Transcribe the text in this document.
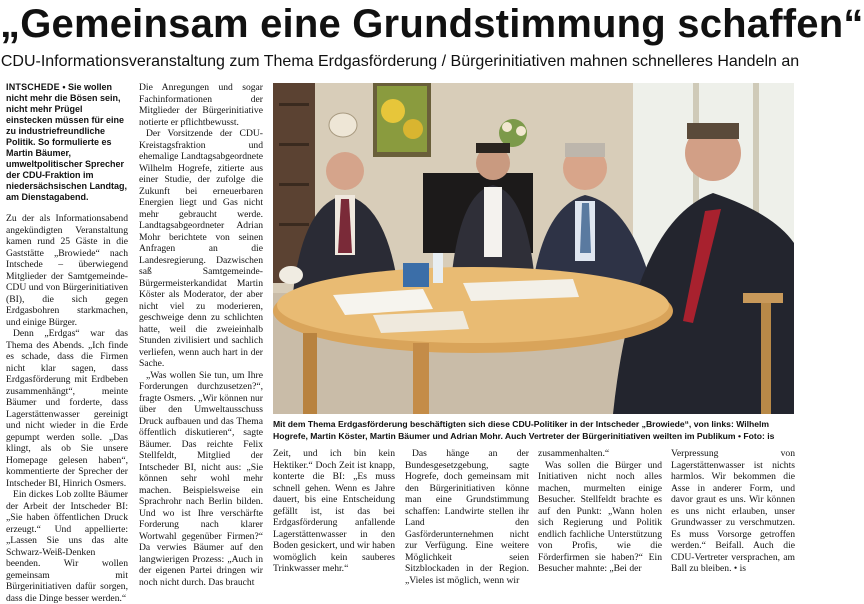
„Gemeinsam eine Grundstimmung schaffen“
CDU-Informationsveranstaltung zum Thema Erdgasförderung / Bürgerinitiativen mahnen schnelleres Handeln an

INTSCHEDE • Sie wollen nicht mehr die Bösen sein, nicht mehr Prügel einstecken müssen für eine zu industriefreundliche Politik. So formulierte es Martin Bäumer, umweltpolitischer Sprecher der CDU-Fraktion im niedersächsischen Landtag, am Dienstagabend.

Zu der als Informationsabend angekündigten Veranstaltung kamen rund 25 Gäste in die Gaststätte „Browiede“ nach Intschede – überwiegend Mitglieder der Samtgemeinde-CDU und von Bürgerinitiativen (BI), die sich gegen Erdgasbohren starkmachen, und einige Bürger.

Denn „Erdgas“ war das Thema des Abends. „Ich finde es schade, dass die Firmen nicht klar sagen, dass Erdgasförderung mit Erdbeben zusammenhängt“, meinte Bäumer und forderte, dass Lagerstättenwasser gereinigt und nicht wieder in die Erde gepumpt werden solle. „Das klingt, als ob Sie unsere Homepage gelesen haben“, kommentierte der Sprecher der Intscheder BI, Hinrich Osmers.

Ein dickes Lob zollte Bäumer der Arbeit der Intscheder BI: „Sie haben öffentlichen Druck erzeugt.“ Und appellierte: „Lassen Sie uns das alte Schwarz-Weiß-Denken beenden. Wir wollen gemeinsam mit Bürgerinitiativen dafür sorgen, dass die Dinge besser werden.“

Die Anregungen und sogar Fachinformationen der Mitglieder der Bürgerinitiative notierte er pflichtbewusst.

Der Vorsitzende der CDU-Kreistagsfraktion und ehemalige Landtagsabgeordnete Wilhelm Hogrefe, zitierte aus einer Studie, der zufolge die Zukunft bei erneuerbaren Energien liegt und Gas nicht mehr gebraucht werde. Landtagsabgeordneter Adrian Mohr berichtete von seinen Anfragen an die Landesregierung. Dazwischen saß Samtgemeinde-Bürgermeisterkandidat Martin Köster als Moderator, der aber nicht viel zu moderieren, geschweige denn zu schlichten hatte, weil die zweieinhalb Stunden zivilisiert und sachlich verliefen, wenn auch hart in der Sache.

„Was wollen Sie tun, um Ihre Forderungen durchzusetzen?“, fragte Osmers. „Wir können nur über den Umweltausschuss Druck aufbauen und das Thema öffentlich diskutieren“, sagte Bäumer. Das reichte Felix Stellfeldt, Mitglied der Intscheder BI, nicht aus: „Sie können sehr wohl mehr machen. Beispielsweise ein Sprachrohr nach Berlin bilden. Und wo ist Ihre verschärfte Forderung nach klarer Wortwahl gegenüber Firmen?“ Da verwies Bäumer auf den langwierigen Prozess: „Auch in der eigenen Partei dringen wir noch nicht durch. Das braucht

Mit dem Thema Erdgasförderung beschäftigten sich diese CDU-Politiker in der Intscheder „Browiede“, von links: Wilhelm Hogrefe, Martin Köster, Martin Bäumer und Adrian Mohr. Auch Vertreter der Bürgerinitiativen weilten im Publikum • Foto: is

Zeit, und ich bin kein Hektiker.“ Doch Zeit ist knapp, konterte die BI: „Es muss schnell gehen. Wenn es Jahre dauert, bis eine Entscheidung gefällt ist, ist das bei Erdgasförderung anfallende Lagerstättenwasser in den Boden gesickert, und wir haben womöglich kein sauberes Trinkwasser mehr.“

Das hänge an der Bundesgesetzgebung, sagte Hogrefe, doch gemeinsam mit den Bürgerinitiativen könne man eine Grundstimmung schaffen: Landwirte stellen ihr Land den Gasförderunternehmen nicht zur Verfügung. Eine weitere Möglichkeit seien Sitzblockaden in der Region. „Vieles ist möglich, wenn wir

zusammenhalten.“

Was sollen die Bürger und Initiativen nicht noch alles machen, murmelten einige Besucher. Stellfeldt brachte es auf den Punkt: „Wann holen sich Regierung und Politik endlich fachliche Unterstützung von Profis, wie die Förderfirmen sie haben?“ Ein Besucher mahnte: „Bei der

Verpressung von Lagerstättenwasser ist nichts harmlos. Wir bekommen die Asse in anderer Form, und davor graut es uns. Wir können es uns nicht erlauben, unser Grundwasser zu verschmutzen. Es muss Vorsorge getroffen werden.“ Beifall. Auch die CDU-Vertreter versprachen, am Ball zu bleiben. • is
